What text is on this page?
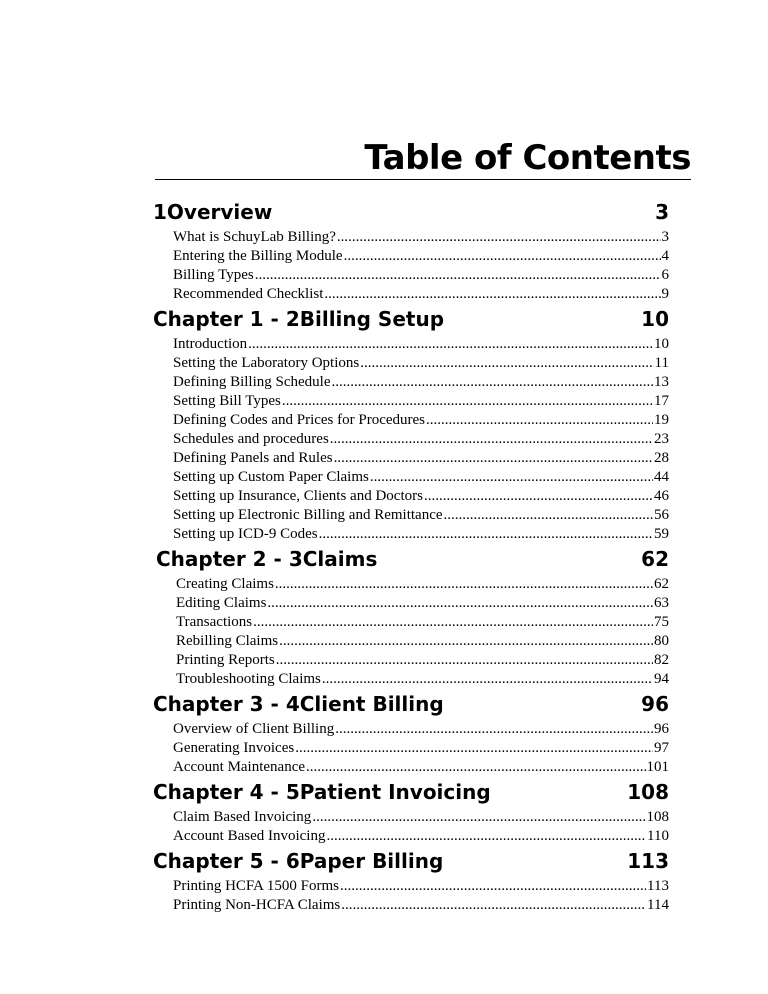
Table of Contents
1Overview	3
What is SchuyLab Billing? .....	3
Entering the Billing Module .....	4
Billing Types .....	6
Recommended Checklist .....	9
Chapter 1 - 2Billing Setup	10
Introduction .....	10
Setting the Laboratory Options .....	11
Defining Billing Schedule .....	13
Setting Bill Types .....	17
Defining Codes and Prices for Procedures .....	19
Schedules and procedures .....	23
Defining Panels and Rules .....	28
Setting up Custom Paper Claims .....	44
Setting up Insurance, Clients and Doctors .....	46
Setting up Electronic Billing and Remittance .....	56
Setting up ICD-9 Codes .....	59
Chapter 2 - 3Claims	62
Creating Claims .....	62
Editing Claims .....	63
Transactions .....	75
Rebilling Claims .....	80
Printing Reports .....	82
Troubleshooting Claims .....	94
Chapter 3 - 4Client Billing	96
Overview of Client Billing .....	96
Generating Invoices .....	97
Account Maintenance .....	101
Chapter 4 - 5Patient Invoicing	108
Claim Based Invoicing .....	108
Account Based Invoicing .....	110
Chapter 5 - 6Paper Billing	113
Printing HCFA 1500 Forms .....	113
Printing Non-HCFA Claims .....	114
